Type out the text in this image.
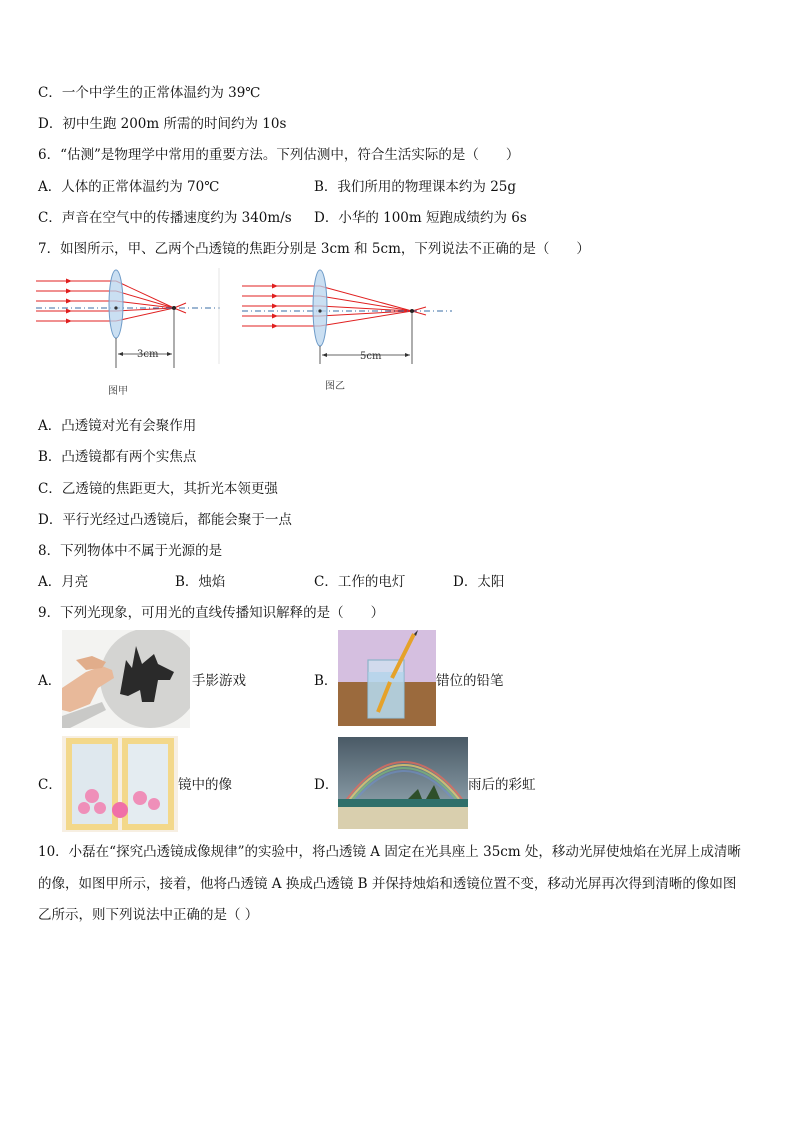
C．一个中学生的正常体温约为 39℃
D．初中生跑 200m 所需的时间约为 10s
6．“估测”是物理学中常用的重要方法。下列估测中，符合生活实际的是（　　）
A．人体的正常体温约为 70℃	B．我们所用的物理课本约为 25g
C．声音在空气中的传播速度约为 340m/s D．小华的 100m 短跑成绩约为 6s
7．如图所示，甲、乙两个凸透镜的焦距分别是 3cm 和 5cm，下列说法不正确的是（　　）
3cm
图甲
5cm
图乙
A．凸透镜对光有会聚作用
B．凸透镜都有两个实焦点
C．乙透镜的焦距更大，其折光本领更强
D．平行光经过凸透镜后，都能会聚于一点
8．下列物体中不属于光源的是
A．月亮	B．烛焰	C．工作的电灯	D．太阳
9．下列光现象，可用光的直线传播知识解释的是（　　）
A．	手影游戏	B．	错位的铅笔
C．	镜中的像	D．	雨后的彩虹
10．小磊在“探究凸透镜成像规律”的实验中，将凸透镜 A 固定在光具座上 35cm 处，移动光屏使烛焰在光屏上成清晰
的像，如图甲所示，接着，他将凸透镜 A 换成凸透镜 B 并保持烛焰和透镜位置不变，移动光屏再次得到清晰的像如图
乙所示，则下列说法中正确的是（ ）
